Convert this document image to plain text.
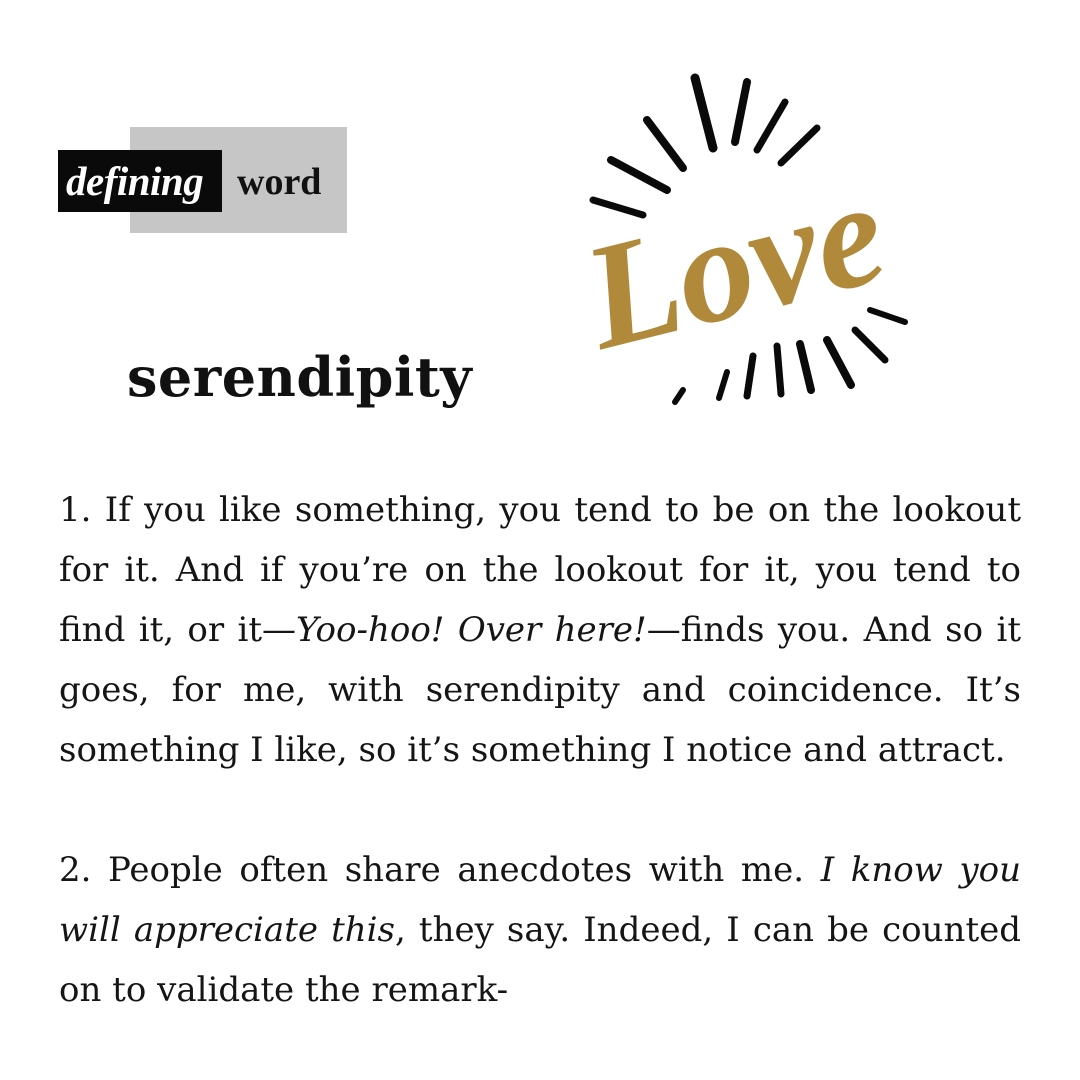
defining word
serendipity Love

1. If you like something, you tend to be on the lookout for it. And if you’re on the lookout for it, you tend to find it, or it—Yoo-hoo! Over here!—finds you. And so it goes, for me, with serendipity and coincidence. It’s something I like, so it’s something I notice and attract.

2. People often share anecdotes with me. I know you will appreciate this, they say. Indeed, I can be counted on to validate the remark-
